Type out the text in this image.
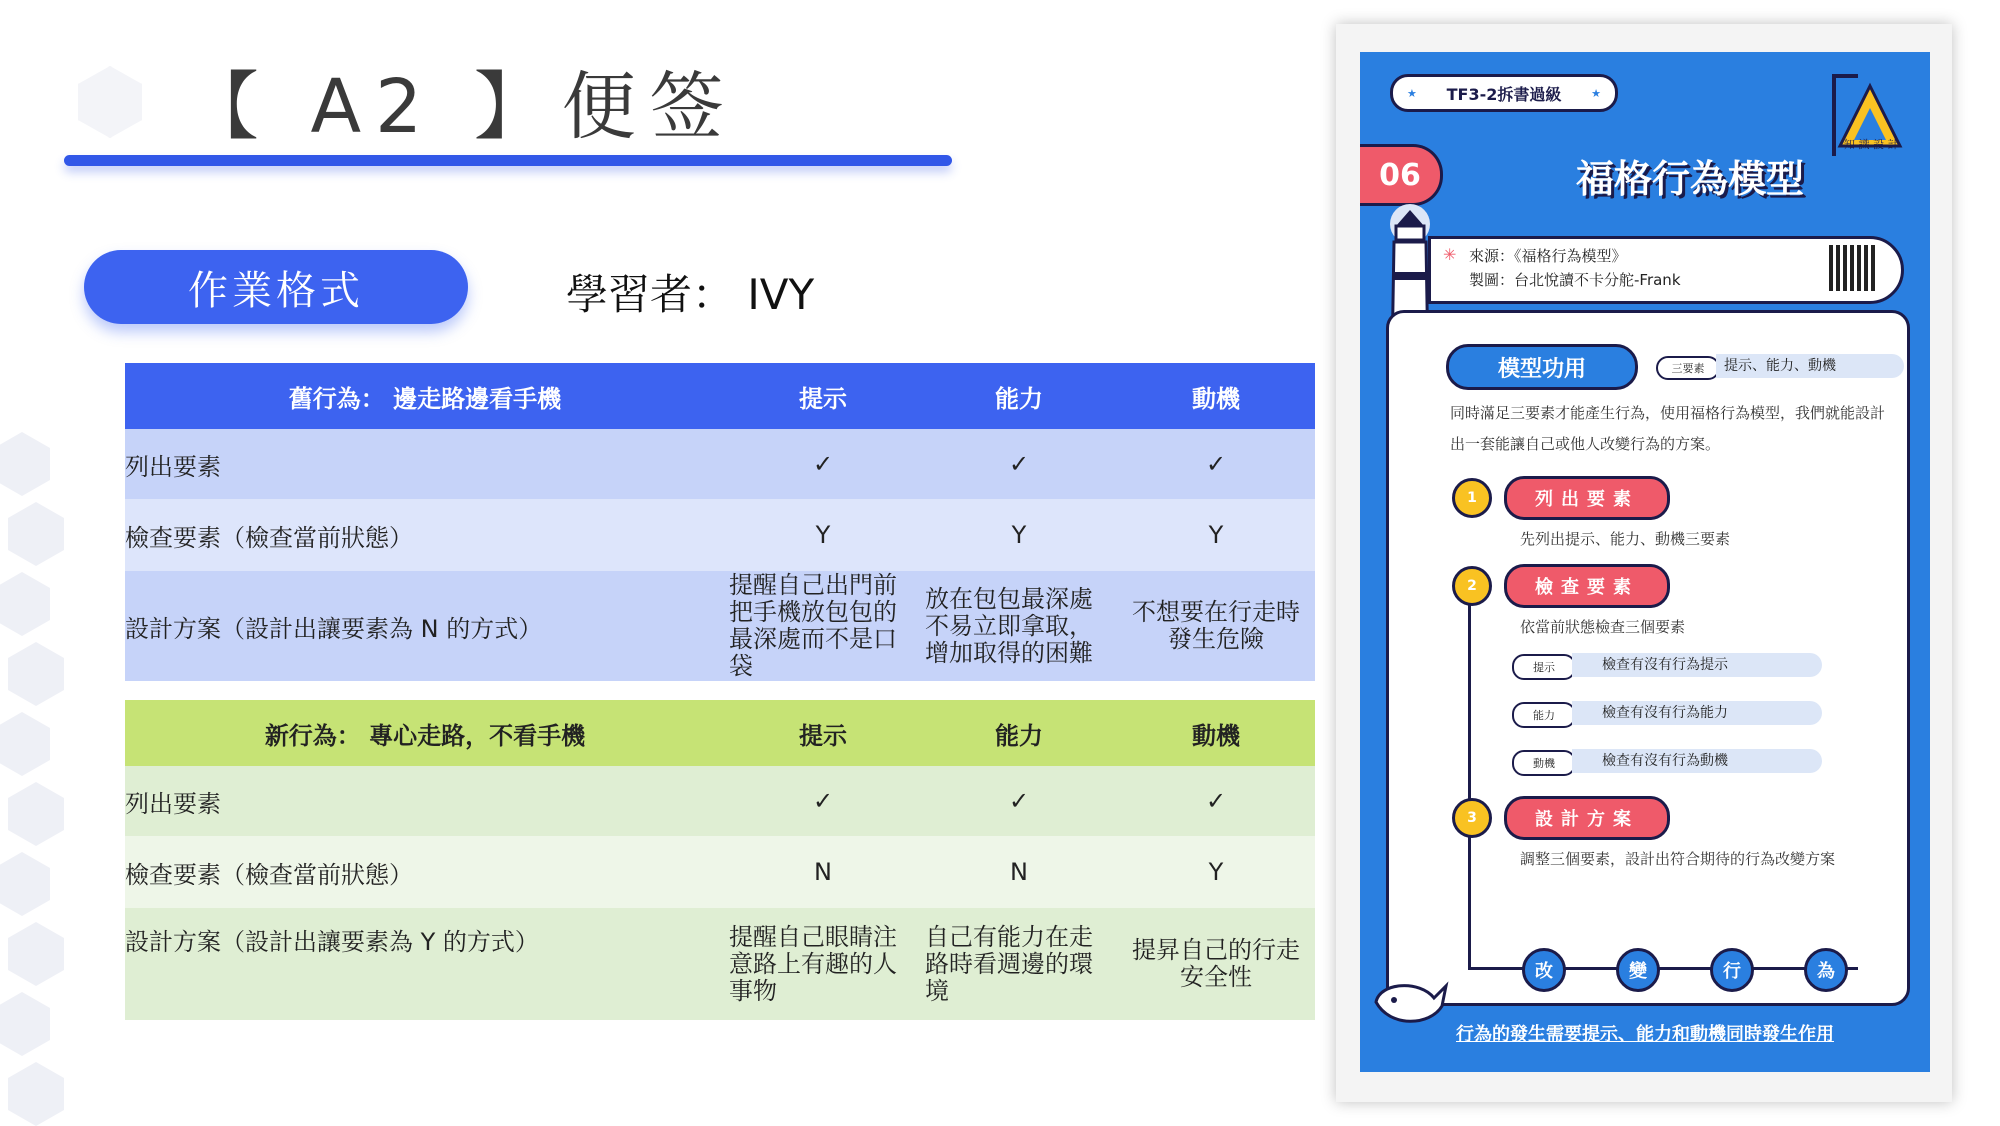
【 A2 】便签
作業格式	學習者： IVY
舊行為： 邊走路邊看手機	提示	能力	動機
列出要素	✓	✓	✓
檢查要素（檢查當前狀態）	Y	Y	Y
設計方案（設計出讓要素為 N 的方式）	提醒自己出門前把手機放包包的最深處而不是口袋	放在包包最深處不易立即拿取，增加取得的困難	不想要在行走時發生危險
新行為： 專心走路，不看手機	提示	能力	動機
列出要素	✓	✓	✓
檢查要素（檢查當前狀態）	N	N	Y
設計方案（設計出讓要素為 Y 的方式）	提醒自己眼睛注意路上有趣的人事物	自己有能力在走路時看週邊的環境	提昇自己的行走安全性
★ TF3-2拆書過級	★
知 識 設 計
06	福格行為模型
✳ 來源：《福格行為模型》
製圖：台北悅讀不卡分舵-Frank
模型功用	三要素	提示、能力、動機
同時滿足三要素才能產生行為，使用福格行為模型，我們就能設計出一套能讓自己或他人改變行為的方案。
1	列出要素
先列出提示、能力、動機三要素
2	檢查要素
依當前狀態檢查三個要素
提示	檢查有沒有行為提示
能力	檢查有沒有行為能力
動機	檢查有沒有行為動機
3	設計方案
調整三個要素，設計出符合期待的行為改變方案
改	變	行	為
行為的發生需要提示、能力和動機同時發生作用
